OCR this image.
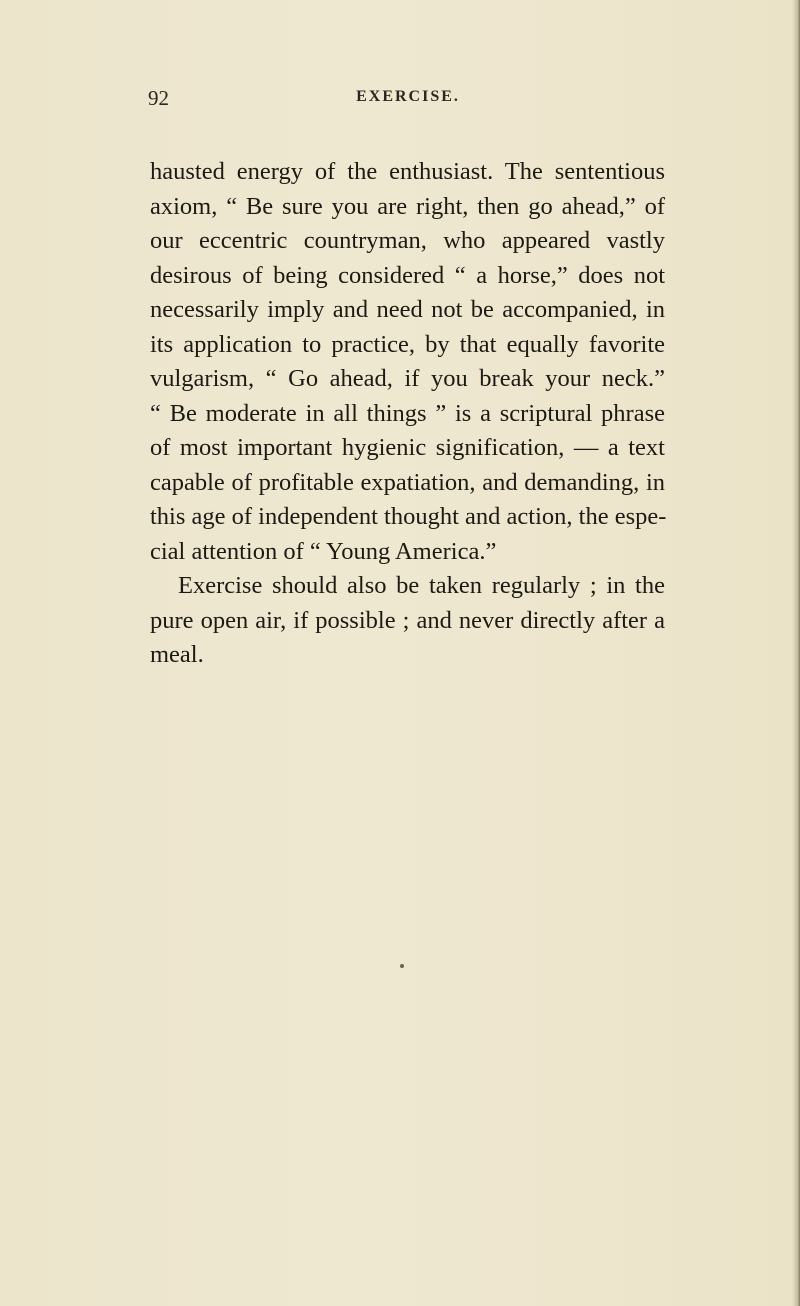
92	EXERCISE.
hausted energy of the enthusiast. The sententious
axiom, “ Be sure you are right, then go ahead,” of
our eccentric countryman, who appeared vastly
desirous of being considered “ a horse,” does not
necessarily imply and need not be accompanied, in
its application to practice, by that equally favorite
vulgarism, “ Go ahead, if you break your neck.”
“ Be moderate in all things ” is a scriptural phrase
of most important hygienic signification, — a text
capable of profitable expatiation, and demanding, in
this age of independent thought and action, the espe-
cial attention of “ Young America.”
Exercise should also be taken regularly ; in the
pure open air, if possible ; and never directly after a
meal.
